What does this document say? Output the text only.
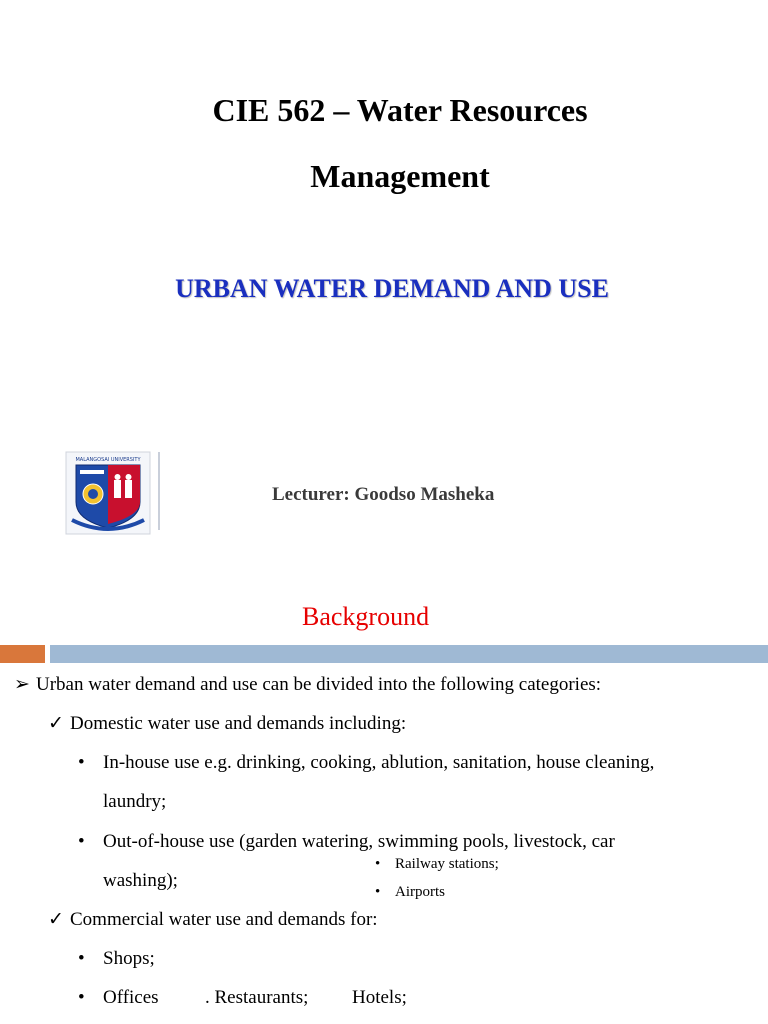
CIE 562 – Water Resources
Management
URBAN WATER DEMAND AND USE
MALANGOSAI UNIVERSITY
Lecturer: Goodso Masheka
Background
➢ Urban water demand and use can be divided into the following categories:
✓ Domestic water use and demands including:
• In-house use e.g. drinking, cooking, ablution, sanitation, house cleaning,
laundry;
• Out-of-house use (garden watering, swimming pools, livestock, car
washing);
• Railway stations;
• Airports
✓ Commercial water use and demands for:
• Shops;
• Offices . Restaurants; Hotels;
